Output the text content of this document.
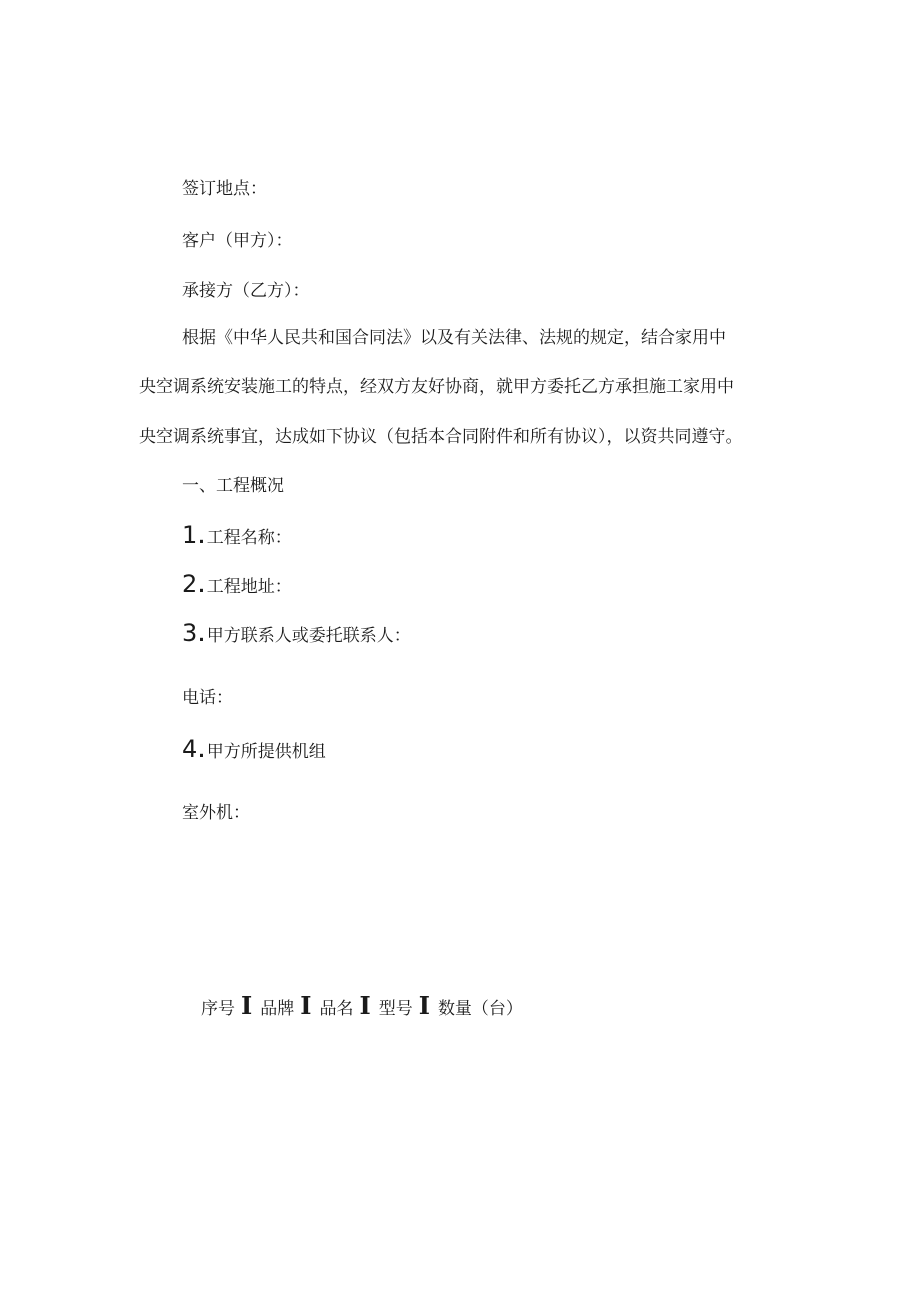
签订地点：
客户（甲方）：
承接方（乙方）：
根据《中华人民共和国合同法》以及有关法律、法规的规定，结合家用中
央空调系统安装施工的特点，经双方友好协商，就甲方委托乙方承担施工家用中
央空调系统事宜，达成如下协议（包括本合同附件和所有协议），以资共同遵守。
一、工程概况
1. 工程名称：
2. 工程地址：
3. 甲方联系人或委托联系人：
电话：
4. 甲方所提供机组
室外机：
序号 I 品牌 I 品名 I 型号 I 数量（台）
